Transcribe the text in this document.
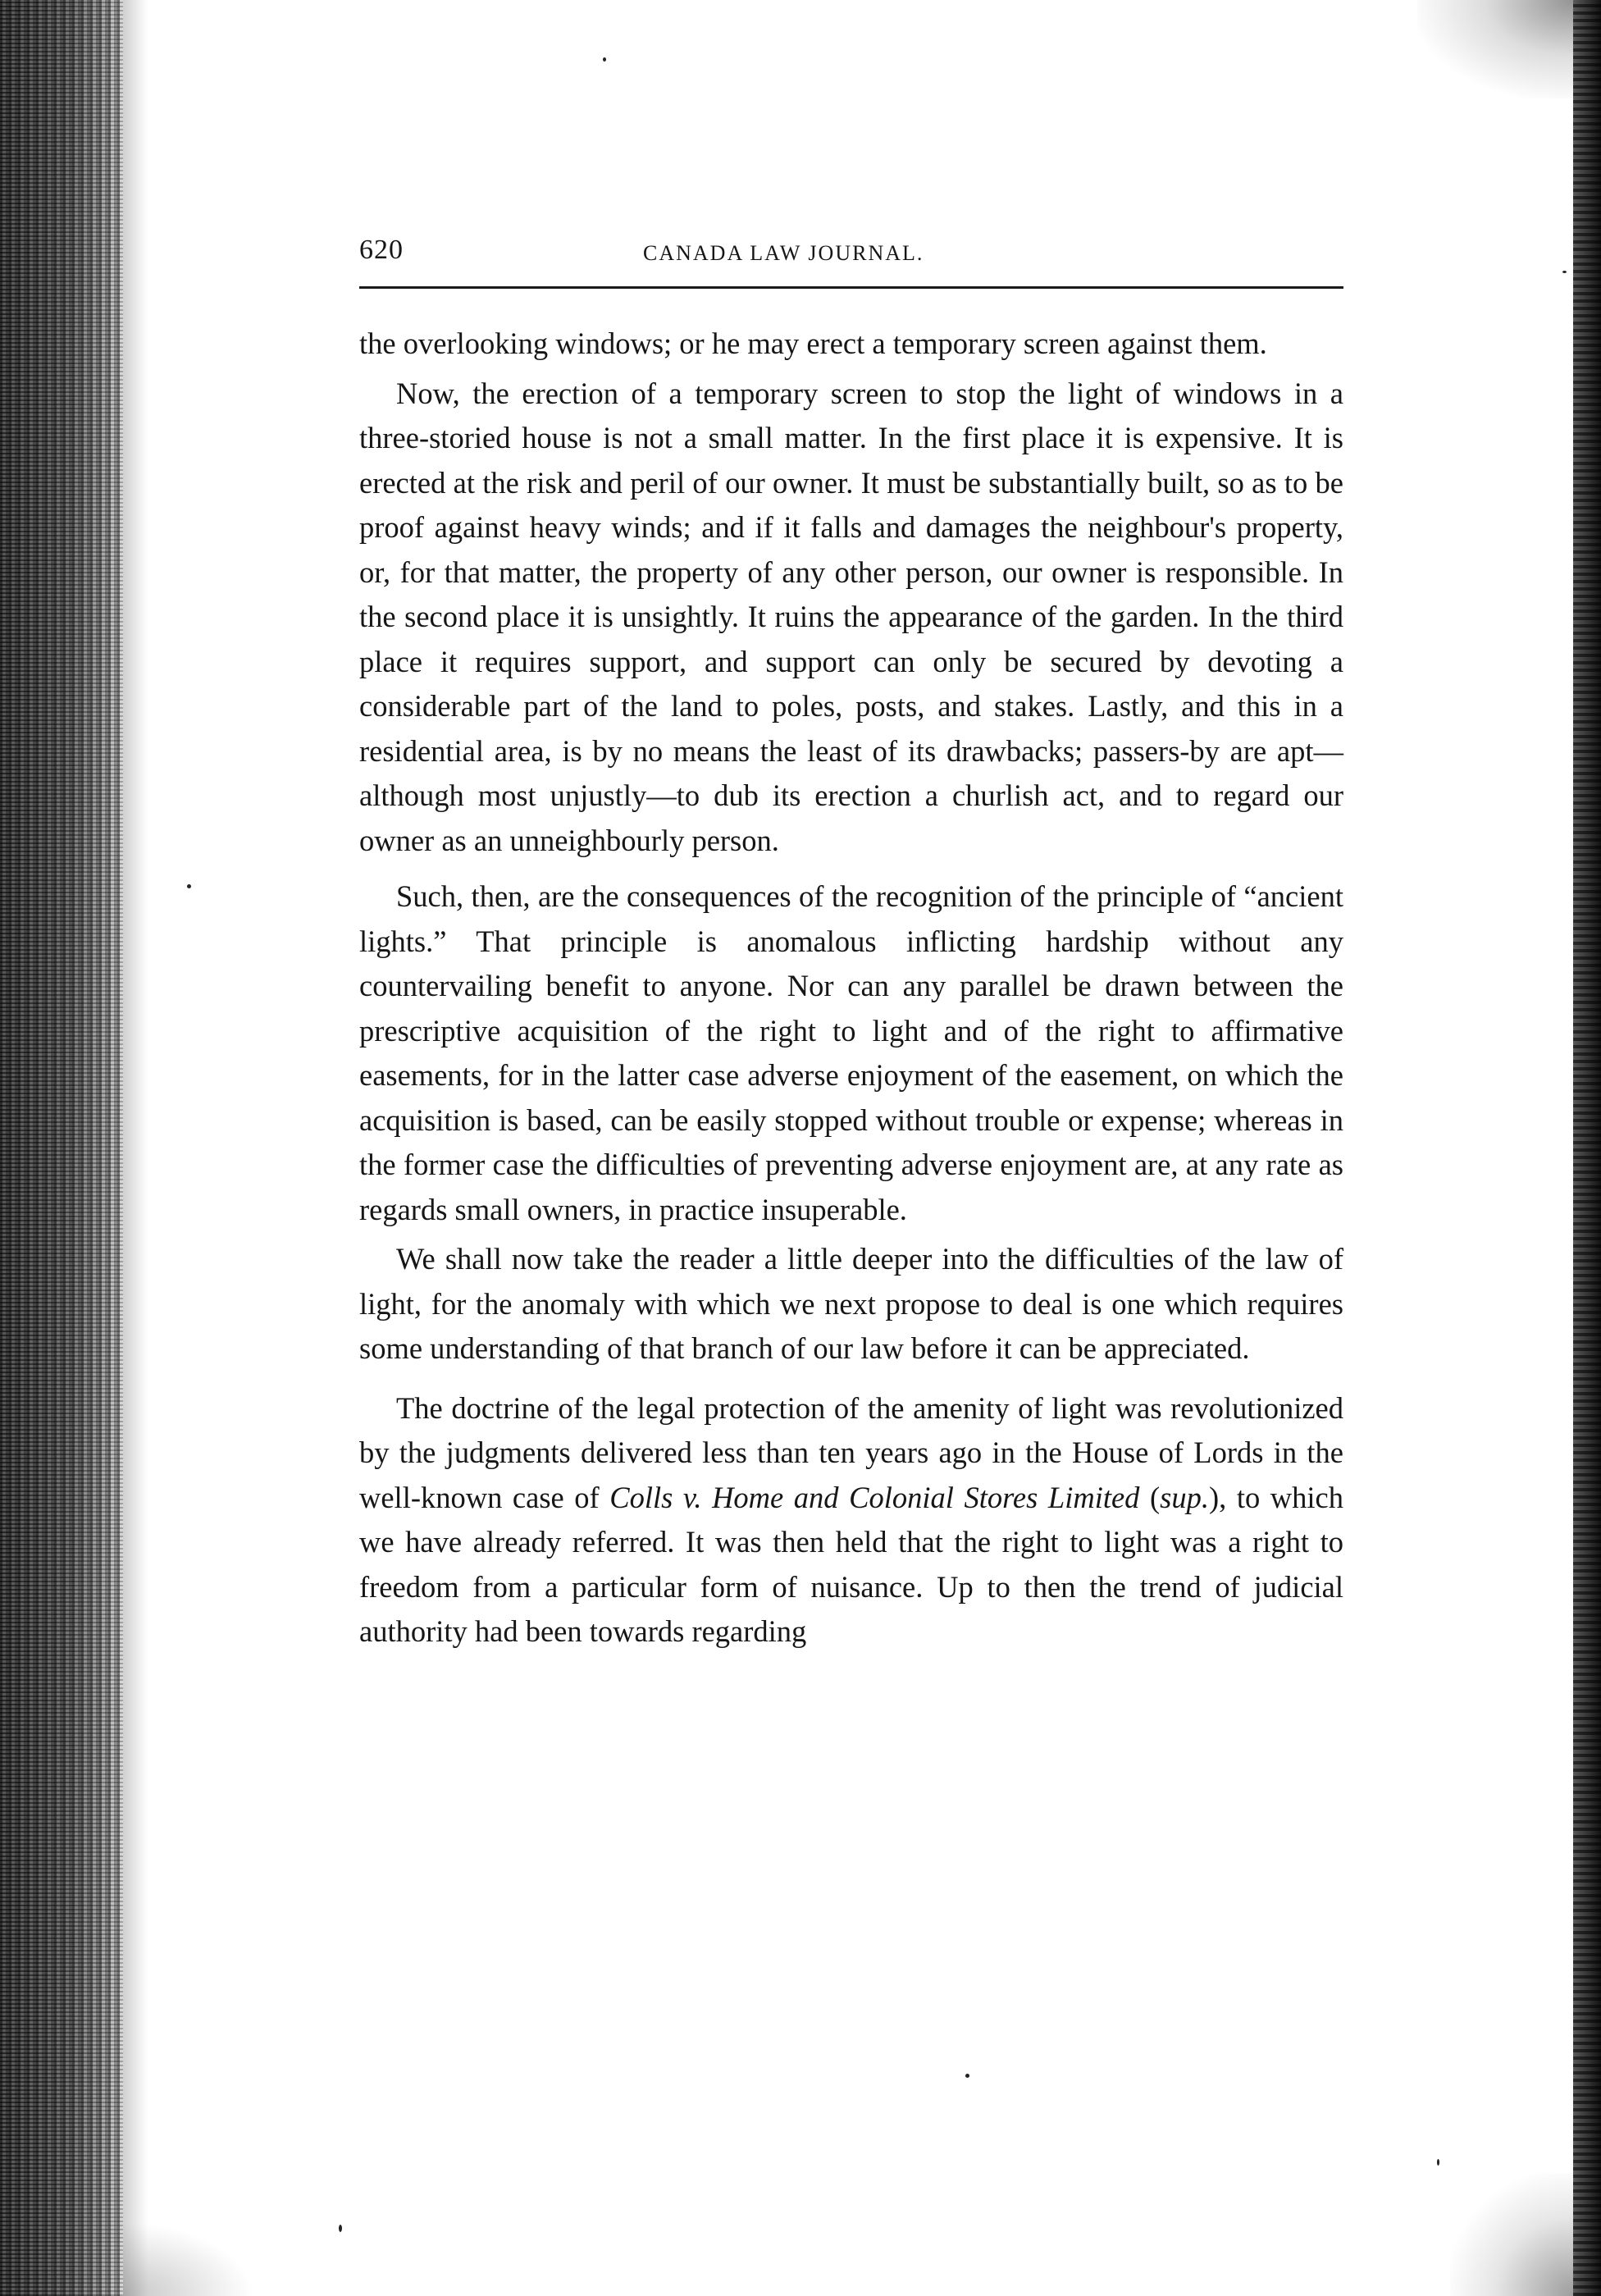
620	CANADA LAW JOURNAL.

the overlooking windows; or he may erect a temporary screen against them.

Now, the erection of a temporary screen to stop the light of windows in a three-storied house is not a small matter. In the first place it is expensive. It is erected at the risk and peril of our owner. It must be substantially built, so as to be proof against heavy winds; and if it falls and damages the neighbour's property, or, for that matter, the property of any other person, our owner is responsible. In the second place it is unsightly. It ruins the appearance of the garden. In the third place it requires support, and support can only be secured by devoting a considerable part of the land to poles, posts, and stakes. Lastly, and this in a residential area, is by no means the least of its drawbacks; passers-by are apt—although most unjustly—to dub its erection a churlish act, and to regard our owner as an unneighbourly person.

Such, then, are the consequences of the recognition of the principle of “ancient lights.” That principle is anomalous inflicting hardship without any countervailing benefit to anyone. Nor can any parallel be drawn between the prescriptive acquisition of the right to light and of the right to affirmative easements, for in the latter case adverse enjoyment of the easement, on which the acquisition is based, can be easily stopped without trouble or expense; whereas in the former case the difficulties of preventing adverse enjoyment are, at any rate as regards small owners, in practice insuperable.

We shall now take the reader a little deeper into the difficulties of the law of light, for the anomaly with which we next propose to deal is one which requires some understanding of that branch of our law before it can be appreciated.

The doctrine of the legal protection of the amenity of light was revolutionized by the judgments delivered less than ten years ago in the House of Lords in the well-known case of Colls v. Home and Colonial Stores Limited (sup.), to which we have already referred. It was then held that the right to light was a right to freedom from a particular form of nuisance. Up to then the trend of judicial authority had been towards regarding
